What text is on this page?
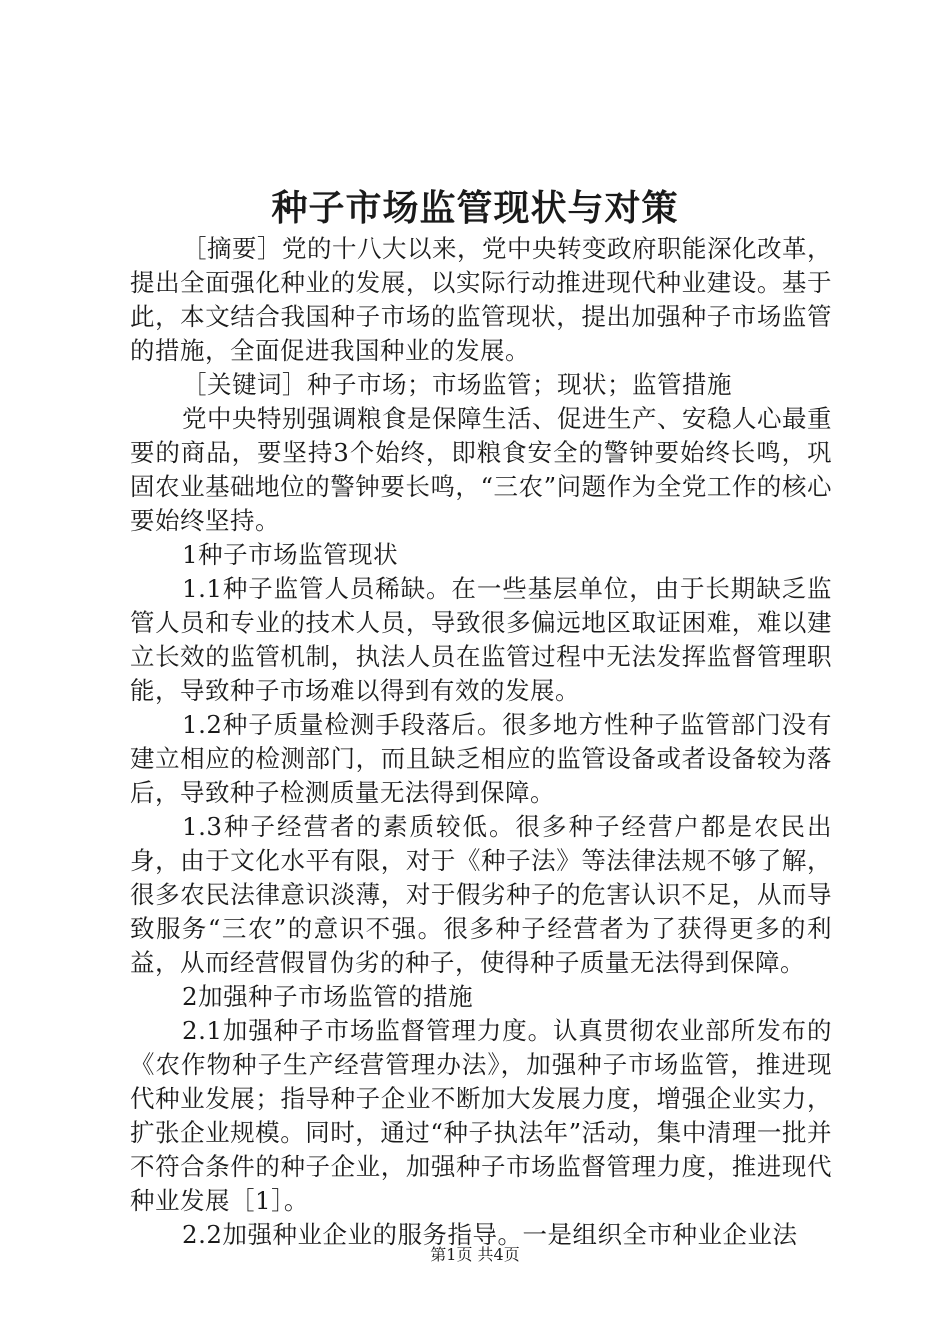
种子市场监管现状与对策

［摘要］党的十八大以来，党中央转变政府职能深化改革，提出全面强化种业的发展，以实际行动推进现代种业建设。基于此，本文结合我国种子市场的监管现状，提出加强种子市场监管的措施，全面促进我国种业的发展。

［关键词］种子市场；市场监管；现状；监管措施

党中央特别强调粮食是保障生活、促进生产、安稳人心最重要的商品，要坚持3个始终，即粮食安全的警钟要始终长鸣，巩固农业基础地位的警钟要长鸣，“三农”问题作为全党工作的核心要始终坚持。

1种子市场监管现状

1.1种子监管人员稀缺。在一些基层单位，由于长期缺乏监管人员和专业的技术人员，导致很多偏远地区取证困难，难以建立长效的监管机制，执法人员在监管过程中无法发挥监督管理职能，导致种子市场难以得到有效的发展。

1.2种子质量检测手段落后。很多地方性种子监管部门没有建立相应的检测部门，而且缺乏相应的监管设备或者设备较为落后，导致种子检测质量无法得到保障。

1.3种子经营者的素质较低。很多种子经营户都是农民出身，由于文化水平有限，对于《种子法》等法律法规不够了解，很多农民法律意识淡薄，对于假劣种子的危害认识不足，从而导致服务“三农”的意识不强。很多种子经营者为了获得更多的利益，从而经营假冒伪劣的种子，使得种子质量无法得到保障。

2加强种子市场监管的措施

2.1加强种子市场监督管理力度。认真贯彻农业部所发布的《农作物种子生产经营管理办法》，加强种子市场监管，推进现代种业发展；指导种子企业不断加大发展力度，增强企业实力，扩张企业规模。同时，通过“种子执法年”活动，集中清理一批并不符合条件的种子企业，加强种子市场监督管理力度，推进现代种业发展［1］。

2.2加强种业企业的服务指导。一是组织全市种业企业法

第1页 共4页
